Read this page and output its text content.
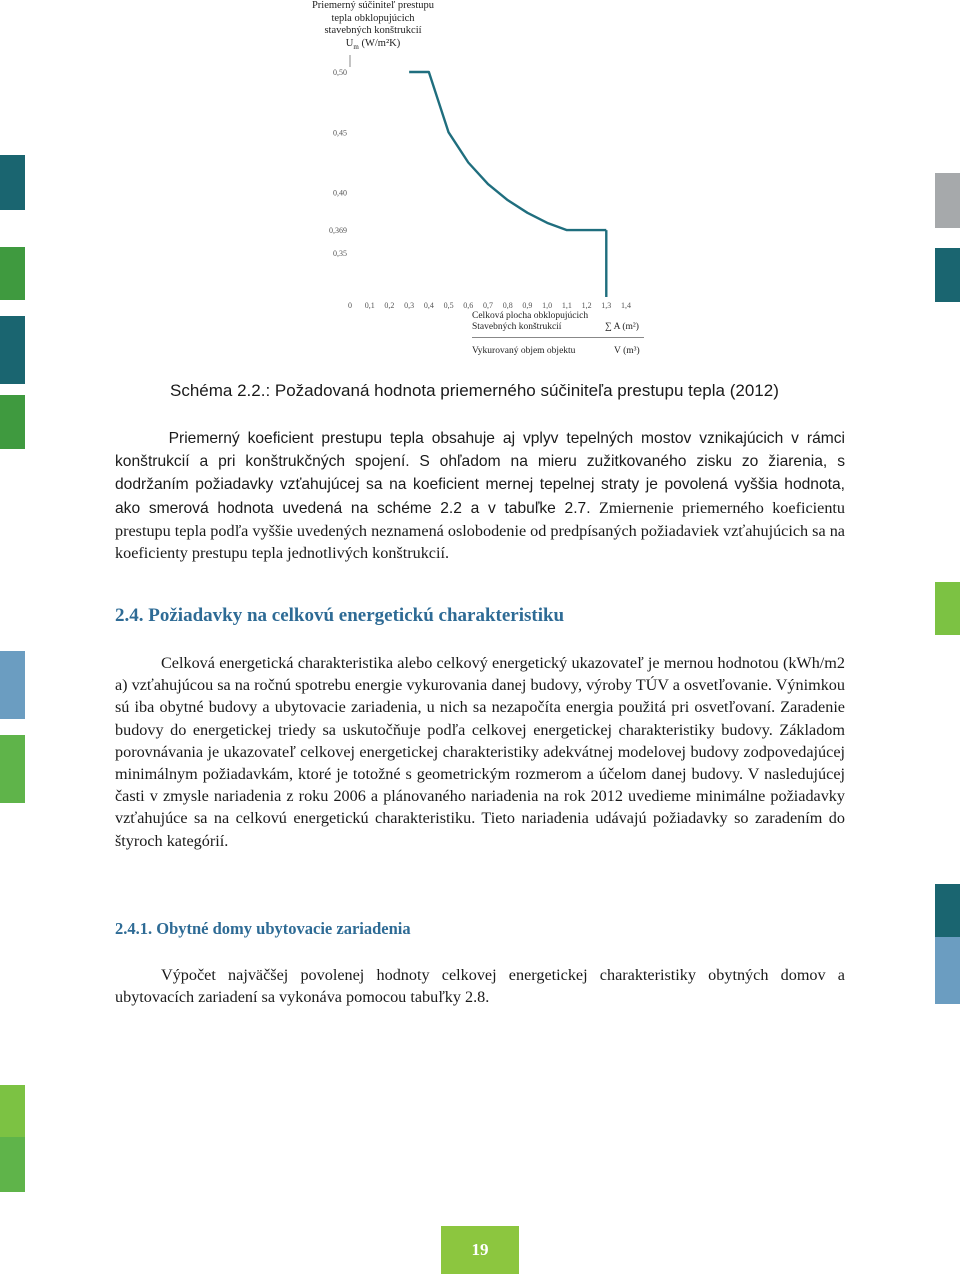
Priemerný súčiniteľ prestupu
tepla obklopujúcich
stavebných konštrukcií
$U_m$ (W/m²K)
0,50
0,45
0,40
0,369
0,35
0 0,1 0,2 0,3 0,4 0,5 0,6 0,7 0,8 0,9 1,0 1,1 1,2 1,3 1,4
Celková plocha obklopujúcich
Stavebných konštrukcií	∑ A (m²)
Vykurovaný objem objektu	V (m³)
Schéma 2.2.: Požadovaná hodnota priemerného súčiniteľa prestupu tepla (2012)
Priemerný koeficient prestupu tepla obsahuje aj vplyv tepelných mostov vznikajúcich v rámci konštrukcií a pri konštrukčných spojení. S ohľadom na mieru zužitkovaného zisku zo žiarenia, s dodržaním požiadavky vzťahujúcej sa na koeficient mernej tepelnej straty je povolená vyššia hodnota, ako smerová hodnota uvedená na schéme 2.2 a v tabuľke 2.7. Zmiernenie priemerného koeficientu prestupu tepla podľa vyššie uvedených neznamená oslobodenie od predpísaných požiadaviek vzťahujúcich sa na koeficienty prestupu tepla jednotlivých konštrukcií.
2.4. Požiadavky na celkovú energetickú charakteristiku
Celková energetická charakteristika alebo celkový energetický ukazovateľ je mernou hodnotou (kWh/m2 a) vzťahujúcou sa na ročnú spotrebu energie vykurovania danej budovy, výroby TÚV a osvetľovanie. Výnimkou sú iba obytné budovy a ubytovacie zariadenia, u nich sa nezapočíta energia použitá pri osvetľovaní. Zaradenie budovy do energetickej triedy sa uskutočňuje podľa celkovej energetickej charakteristiky budovy. Základom porovnávania je ukazovateľ celkovej energetickej charakteristiky adekvátnej modelovej budovy zodpovedajúcej minimálnym požiadavkám, ktoré je totožné s geometrickým rozmerom a účelom danej budovy. V nasledujúcej časti v zmysle nariadenia z roku 2006 a plánovaného nariadenia na rok 2012 uvedieme minimálne požiadavky vzťahujúce sa na celkovú energetickú charakteristiku. Tieto nariadenia udávajú požiadavky so zaradením do štyroch kategórií.
2.4.1. Obytné domy ubytovacie zariadenia
Výpočet najväčšej povolenej hodnoty celkovej energetickej charakteristiky obytných domov a ubytovacích zariadení sa vykonáva pomocou tabuľky 2.8.
19
